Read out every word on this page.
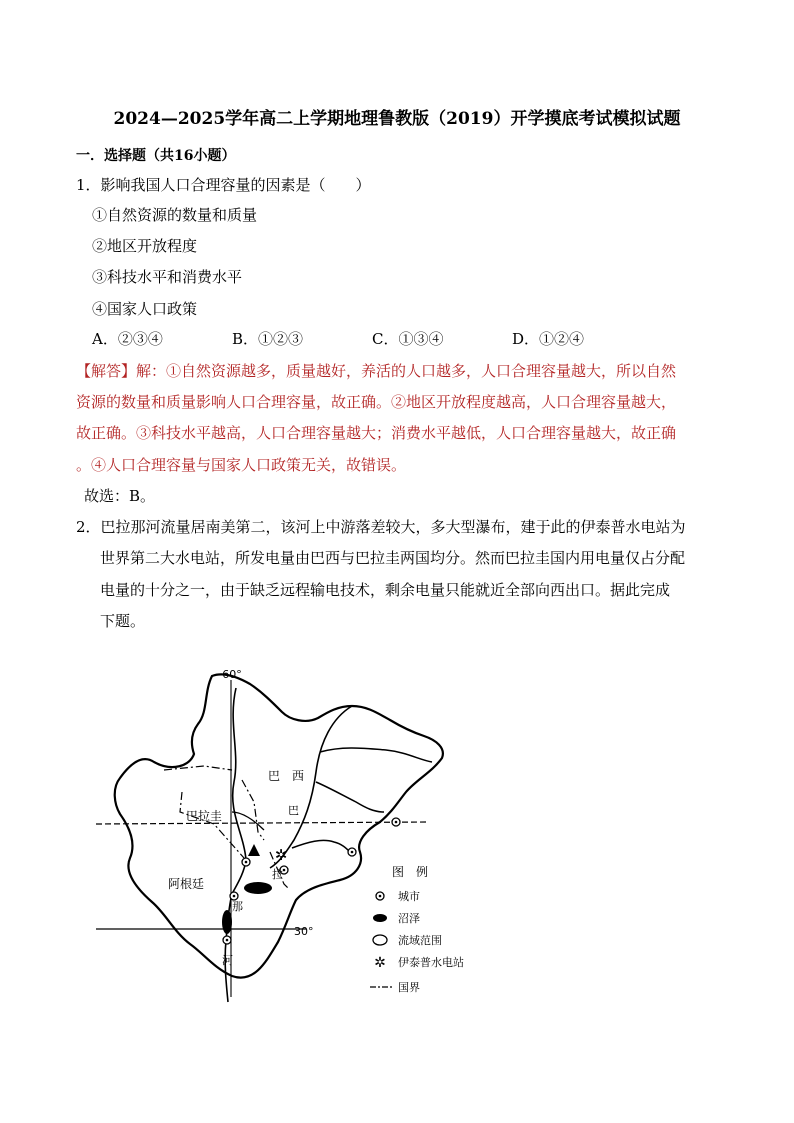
2024—2025学年高二上学期地理鲁教版（2019）开学摸底考试模拟试题
一．选择题（共16小题）
1．影响我国人口合理容量的因素是（　　）
①自然资源的数量和质量
②地区开放程度
③科技水平和消费水平
④国家人口政策
A．②③④	B．①②③	C．①③④	D．①②④
【解答】解：①自然资源越多，质量越好，养活的人口越多，人口合理容量越大，所以自然
资源的数量和质量影响人口合理容量，故正确。②地区开放程度越高，人口合理容量越大，
故正确。③科技水平越高，人口合理容量越大；消费水平越低，人口合理容量越大，故正确
。④人口合理容量与国家人口政策无关，故错误。
故选：B。
2．巴拉那河流量居南美第二，该河上中游落差较大，多大型瀑布，建于此的伊泰普水电站为
世界第二大水电站，所发电量由巴西与巴拉圭两国均分。然而巴拉圭国内用电量仅占分配
电量的十分之一，由于缺乏远程输电技术，剩余电量只能就近全部向西出口。据此完成
下题。
✲
60°
30°
巴　西
巴拉圭
阿根廷
巴
拉
那
河
图　例
城市
沼泽
流域范围
✲ 伊泰普水电站
国界
